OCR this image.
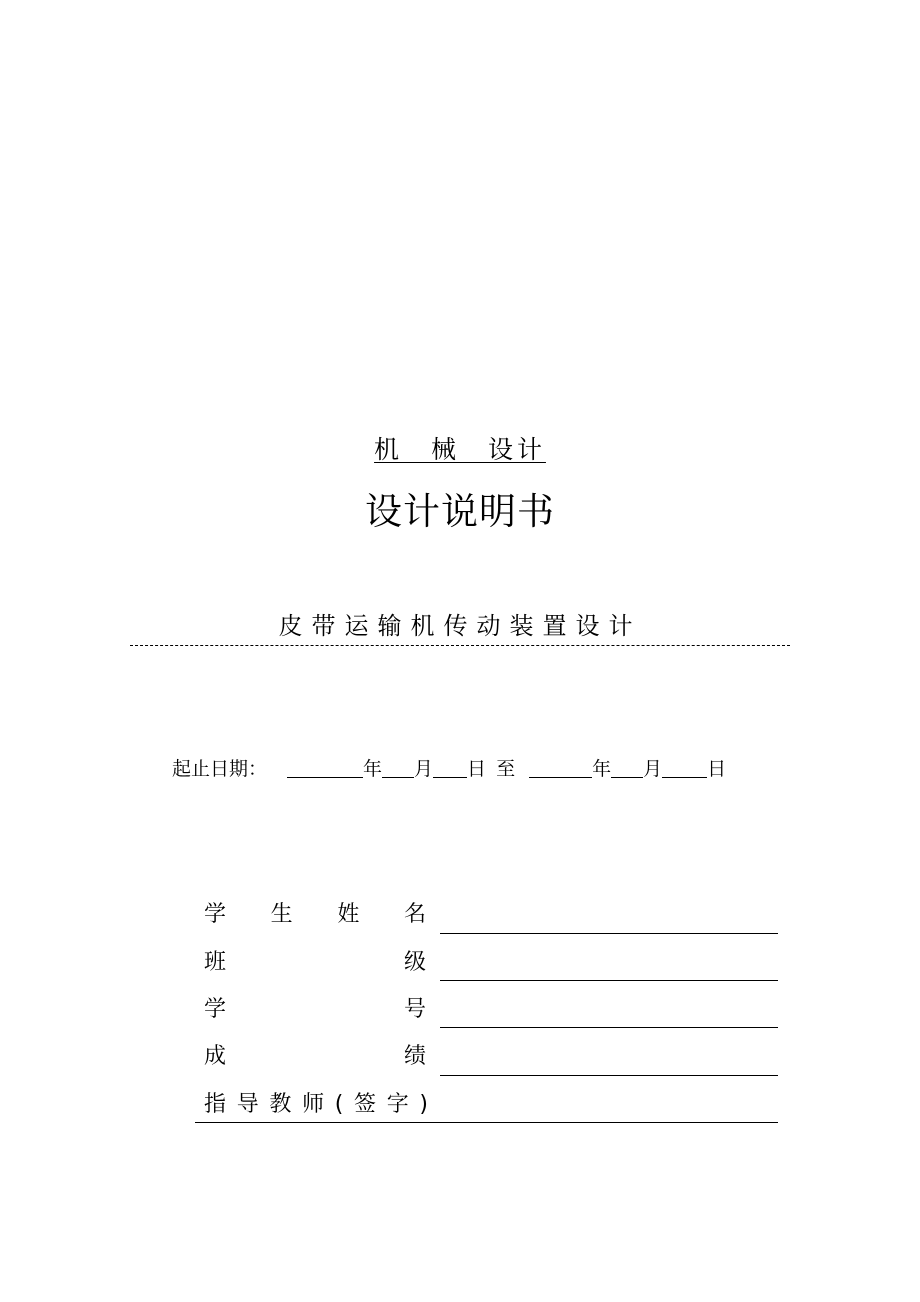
机 械 设计
设计说明书
皮带运输机传动装置设计
起止日期：	年 月 日 至	年 月 日
学 生 姓 名
班	级
学	号
成	绩
指 导 教 师 ( 签 字 )
